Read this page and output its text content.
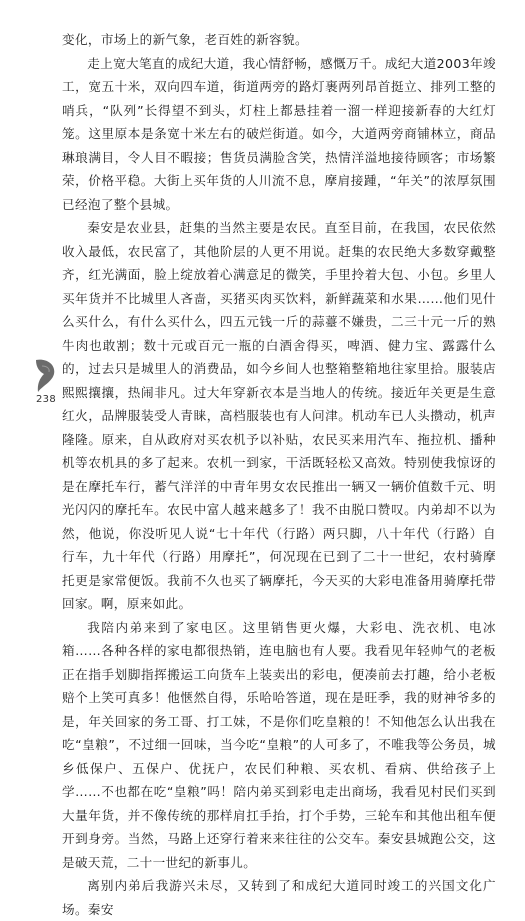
变化，市场上的新气象，老百姓的新容貌。

走上宽大笔直的成纪大道，我心情舒畅，感慨万千。成纪大道2003年竣工，宽五十米，双向四车道，街道两旁的路灯裹两列昂首挺立、排列工整的哨兵，“队列”长得望不到头，灯柱上都悬挂着一溜一样迎接新春的大红灯笼。这里原本是条宽十米左右的破烂街道。如今，大道两旁商铺林立，商品琳琅满目，令人目不暇接；售货员满脸含笑，热情洋溢地接待顾客；市场繁荣，价格平稳。大街上买年货的人川流不息，摩肩接踵，“年关”的浓厚氛围已经泡了整个县城。

秦安是农业县，赶集的当然主要是农民。直至目前，在我国，农民依然收入最低，农民富了，其他阶层的人更不用说。赶集的农民绝大多数穿戴整齐，红光满面，脸上绽放着心满意足的微笑，手里拎着大包、小包。乡里人买年货并不比城里人吝啬，买猪买肉买饮料，新鲜蔬菜和水果……他们见什么买什么，有什么买什么，四五元钱一斤的蒜薹不嫌贵，二三十元一斤的熟牛肉也敢割；数十元或百元一瓶的白酒舍得买，啤酒、健力宝、露露什么的，过去只是城里人的消费品，如今乡间人也整箱整箱地往家里拾。服装店熙熙攘攘，热闹非凡。过大年穿新衣本是当地人的传统。接近年关更是生意红火，品牌服装受人青睐，高档服装也有人问津。机动车已人头攒动，机声隆隆。原来，自从政府对买农机予以补贴，农民买来用汽车、拖拉机、播种机等农机具的多了起来。农机一到家，干活既轻松又高效。特别使我惊讶的是在摩托车行，蓄气洋洋的中青年男女农民推出一辆又一辆价值数千元、明光闪闪的摩托车。农民中富人越来越多了！我不由脱口赞叹。内弟却不以为然，他说，你没听见人说“七十年代（行路）两只脚，八十年代（行路）自行车，九十年代（行路）用摩托”，何况现在已到了二十一世纪，农村骑摩托更是家常便饭。我前不久也买了辆摩托，今天买的大彩电准备用骑摩托带回家。啊，原来如此。

我陪内弟来到了家电区。这里销售更火爆，大彩电、洗衣机、电冰箱……各种各样的家电都很热销，连电脑也有人要。我看见年轻帅气的老板正在指手划脚指挥搬运工向货车上装卖出的彩电，便凑前去打趣，给小老板赔个上笑可真多！他惬然自得，乐哈哈答道，现在是旺季，我的财神爷多的是，年关回家的务工哥、打工妹，不是你们吃皇粮的！不知他怎么认出我在吃“皇粮”，不过细一回味，当今吃“皇粮”的人可多了，不唯我等公务员，城乡低保户、五保户、优抚户，农民们种粮、买农机、看病、供给孩子上学……不也都在吃“皇粮”吗！陪内弟买到彩电走出商场，我看见村民们买到大量年货，并不像传统的那样肩扛手抬，打个手势，三轮车和其他出租车便开到身旁。当然，马路上还穿行着来来往往的公交车。秦安县城跑公交，这是破天荒，二十一世纪的新事儿。

离别内弟后我游兴未尽，又转到了和成纪大道同时竣工的兴国文化广场。秦安

238
